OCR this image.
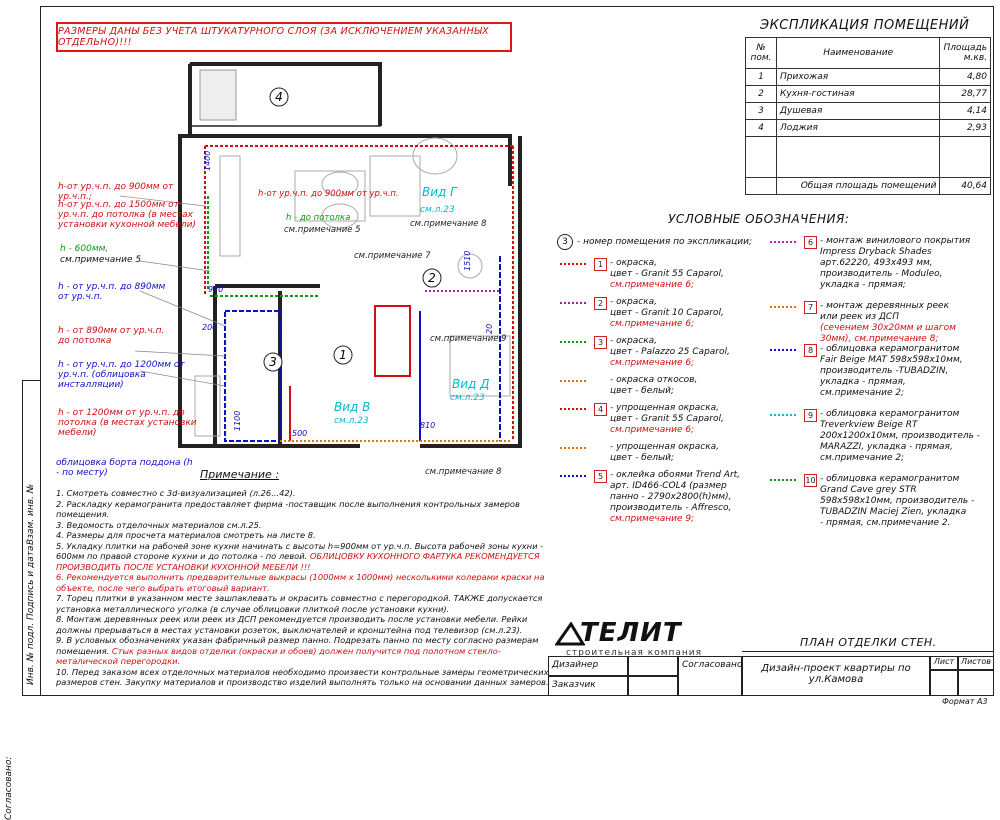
Согласовано:
Инв. № подл.
Подпись и дата
Взам. инв. №
РАЗМЕРЫ ДАНЫ БЕЗ УЧЕТА ШТУКАТУРНОГО СЛОЯ (ЗА ИСКЛЮЧЕНИЕМ УКАЗАННЫХ ОТДЕЛЬНО)!!!
ЭКСПЛИКАЦИЯ ПОМЕЩЕНИЙ
№ пом.	Наименование	Площадь м.кв.
1	Прихожая	4,80
2	Кухня-гостиная	28,77
3	Душевая	4,14
4	Лоджия	2,93

	Общая площадь помещений	40,64
4
2
3	1
Вид Г
см.л.23
Вид В
см.л.23
Вид Д
см.л.23
1400
1510
920
200
500
810
1100
20
h-от ур.ч.п. до 900мм от ур.ч.п.
h - до потолка
см.примечание 5
см.примечание 7
см.примечание 8
см.примечание 9
см.примечание 8
h-от ур.ч.п. до 900мм от ур.ч.п.;
h-от ур.ч.п. до 1500мм от ур.ч.п. до потолка (в местах установки кухонной мебели)
h - 600мм,
см.примечание 5
h - от ур.ч.п. до 890мм от ур.ч.п.
h - от 890мм от ур.ч.п. до потолка
h - от ур.ч.п. до 1200мм от ур.ч.п. (облицовка инсталляции)
h - от 1200мм от ур.ч.п. до потолка (в местах установки мебели)
облицовка борта поддона (h - по месту)
УСЛОВНЫЕ ОБОЗНАЧЕНИЯ:
3	- номер помещения по экспликации;
Примечание :
1. Смотреть совместно с 3d-визуализацией (л.26...42).
2. Раскладку керамогранита предоставляет фирма -поставщик после выполнения контрольных замеров помещения.
3. Ведомость отделочных материалов см.л.25.
4. Размеры для просчета материалов смотреть на листе 8.
5. Укладку плитки на рабочей зоне кухни начинать с высоты h=900мм от ур.ч.п. Высота рабочей зоны кухни - 600мм по правой стороне кухни и до потолка - по левой. ОБЛИЦОВКУ КУХОННОГО ФАРТУКА РЕКОМЕНДУЕТСЯ ПРОИЗВОДИТЬ ПОСЛЕ УСТАНОВКИ КУХОННОЙ МЕБЕЛИ !!!
6. Рекомендуется выполнить предварительные выкрасы (1000мм х 1000мм) несколькими колерами краски на объекте, после чего выбрать итоговый вариант.
7. Торец плитки в указанном месте зашпаклевать и окрасить совместно с перегородкой. ТАКЖЕ допускается установка металлического уголка (в случае облицовки плиткой после установки кухни).
8. Монтаж деревянных реек или реек из ДСП рекомендуется производить после установки мебели. Рейки должны прерываться в местах установки розеток, выключателей и кронштейна под телевизор (см.л.23).
9. В условных обозначениях указан фабричный размер панно. Подрезать панно по месту согласно размерам помещения. Стык разных видов отделки (окраски и обоев) должен получится под полотном стекло-металической перегородки.
10. Перед заказом всех отделочных материалов необходимо произвести контрольные замеры геометрических размеров стен. Закупку материалов и производство изделий выполнять только на основании данных замеров.
ТЕЛИТ
строительная компания
Дизайнер
Заказчик
Согласовано
ПЛАН ОТДЕЛКИ СТЕН.
Дизайн-проект квартиры по ул.Камова
Лист Листов
Формат А3
1 - окраска,
цвет - Granit 55 Caparol,
см.примечание 6;
2 - окраска,
цвет - Granit 10 Caparol,
см.примечание 6;
3 - окраска,
цвет - Palazzo 25 Caparol,
см.примечание 6;
- окраска откосов,
цвет - белый;
4 - упрощенная окраска,
цвет - Granit 55 Caparol,
см.примечание 6;
- упрощенная окраска,
цвет - белый;
5 - оклейка обоями Trend Art,
арт. ID466-COL4 (размер
панно - 2790х2800(h)мм),
производитель - Affresco,
см.примечание 9;
6 - монтаж винилового покрытия
Impress Dryback Shades
арт.62220, 493х493 мм,
производитель - Moduleo,
укладка - прямая;
7 - монтаж деревянных реек
или реек из ДСП
(сечением 30х20мм и шагом 30мм), см.примечание 8;
8 - облицовка керамогранитом
Fair Beige MAT 598х598х10мм,
производитель -TUBADZIN,
укладка - прямая,
см.примечание 2;
9 - облицовка керамогранитом
Treverkview Beige RT
200х1200х10мм, производитель -
MARAZZI, укладка - прямая,
см.примечание 2;
10 - облицовка керамогранитом
Grand Cave grey STR
598х598х10мм, производитель -
TUBADZIN Maciej Zien, укладка
- прямая, см.примечание 2.
